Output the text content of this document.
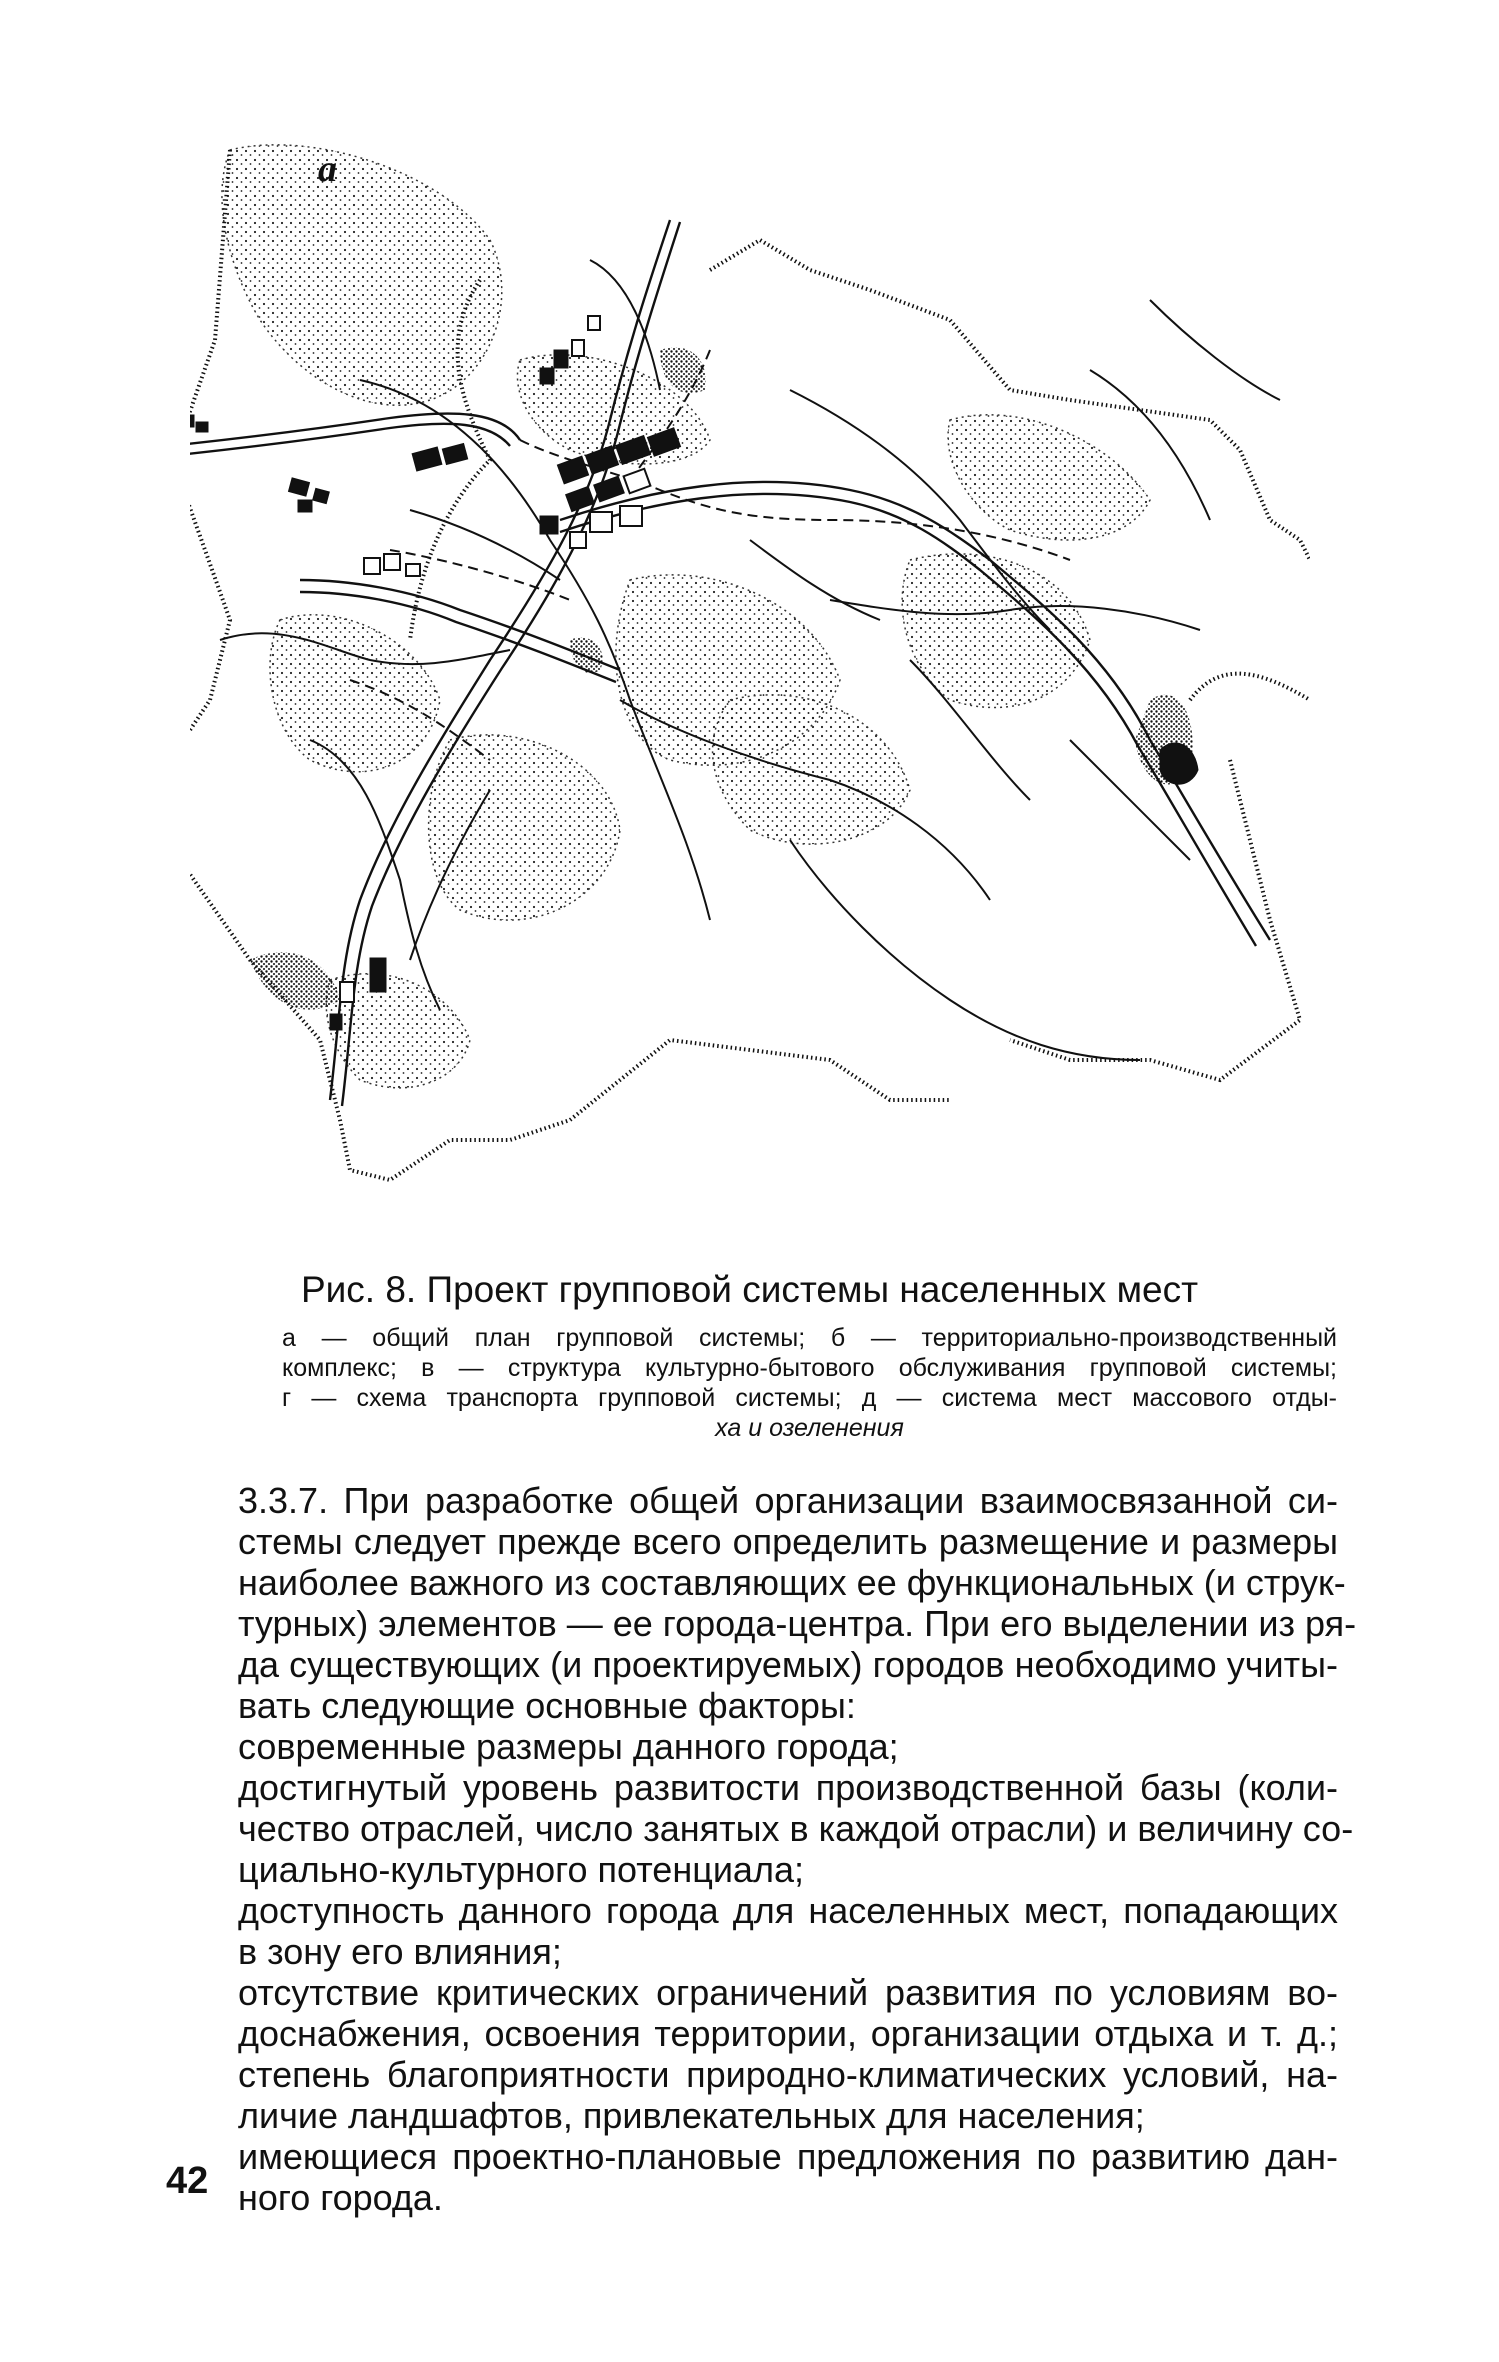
а
Рис. 8. Проект групповой системы населенных мест
а — общий план групповой системы; б — территориально-производственный
комплекс; в — структура культурно-бытового обслуживания групповой системы;
г — схема транспорта групповой системы; д — система мест массового отды-
ха и озеленения
3.3.7. При разработке общей организации взаимосвязанной си-
стемы следует прежде всего определить размещение и размеры
наиболее важного из составляющих ее функциональных (и струк-
турных) элементов — ее города-центра. При его выделении из ря-
да существующих (и проектируемых) городов необходимо учиты-
вать следующие основные факторы:
современные размеры данного города;
достигнутый уровень развитости производственной базы (коли-
чество отраслей, число занятых в каждой отрасли) и величину со-
циально-культурного потенциала;
доступность данного города для населенных мест, попадающих
в зону его влияния;
отсутствие критических ограничений развития по условиям во-
доснабжения, освоения территории, организации отдыха и т. д.;
степень благоприятности природно-климатических условий, на-
личие ландшафтов, привлекательных для населения;
имеющиеся проектно-плановые предложения по развитию дан-
ного города.
42
